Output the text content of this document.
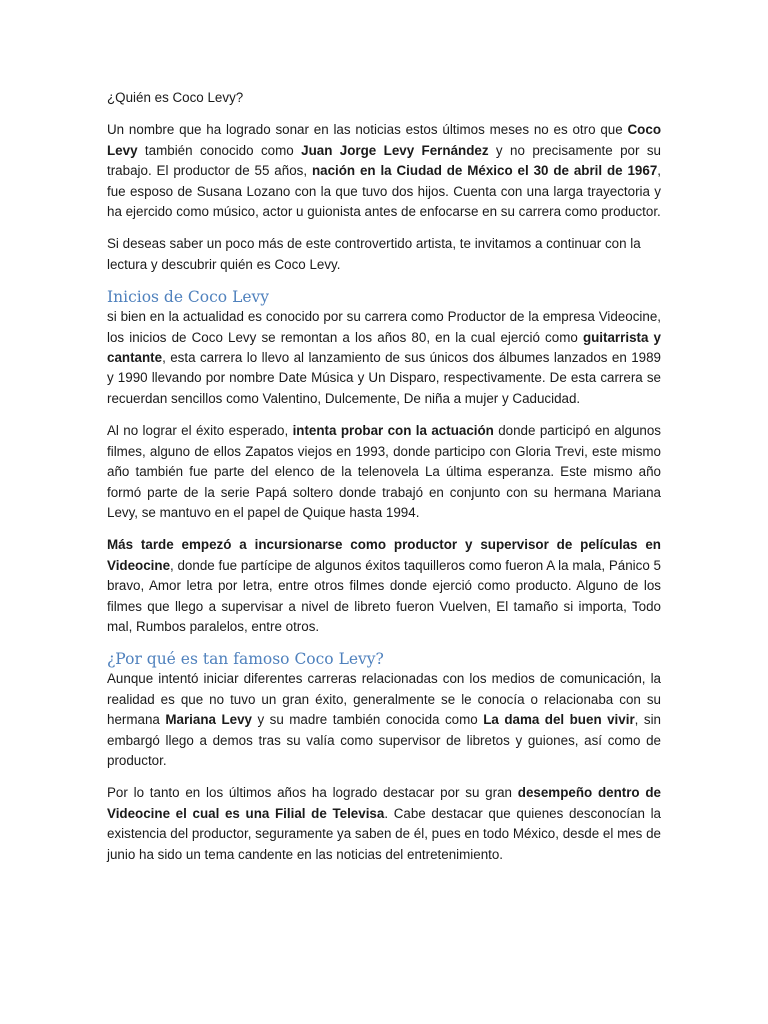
¿Quién es Coco Levy?

Un nombre que ha logrado sonar en las noticias estos últimos meses no es otro que Coco Levy también conocido como Juan Jorge Levy Fernández y no precisamente por su trabajo. El productor de 55 años, nación en la Ciudad de México el 30 de abril de 1967, fue esposo de Susana Lozano con la que tuvo dos hijos. Cuenta con una larga trayectoria y ha ejercido como músico, actor u guionista antes de enfocarse en su carrera como productor.

Si deseas saber un poco más de este controvertido artista, te invitamos a continuar con la lectura y descubrir quién es Coco Levy.

Inicios de Coco Levy

si bien en la actualidad es conocido por su carrera como Productor de la empresa Videocine, los inicios de Coco Levy se remontan a los años 80, en la cual ejerció como guitarrista y cantante, esta carrera lo llevo al lanzamiento de sus únicos dos álbumes lanzados en 1989 y 1990 llevando por nombre Date Música y Un Disparo, respectivamente. De esta carrera se recuerdan sencillos como Valentino, Dulcemente, De niña a mujer y Caducidad.

Al no lograr el éxito esperado, intenta probar con la actuación donde participó en algunos filmes, alguno de ellos Zapatos viejos en 1993, donde participo con Gloria Trevi, este mismo año también fue parte del elenco de la telenovela La última esperanza. Este mismo año formó parte de la serie Papá soltero donde trabajó en conjunto con su hermana Mariana Levy, se mantuvo en el papel de Quique hasta 1994.

Más tarde empezó a incursionarse como productor y supervisor de películas en Videocine, donde fue partícipe de algunos éxitos taquilleros como fueron A la mala, Pánico 5 bravo, Amor letra por letra, entre otros filmes donde ejerció como producto. Alguno de los filmes que llego a supervisar a nivel de libreto fueron Vuelven, El tamaño si importa, Todo mal, Rumbos paralelos, entre otros.

¿Por qué es tan famoso Coco Levy?

Aunque intentó iniciar diferentes carreras relacionadas con los medios de comunicación, la realidad es que no tuvo un gran éxito, generalmente se le conocía o relacionaba con su hermana Mariana Levy y su madre también conocida como La dama del buen vivir, sin embargó llego a demos tras su valía como supervisor de libretos y guiones, así como de productor.

Por lo tanto en los últimos años ha logrado destacar por su gran desempeño dentro de Videocine el cual es una Filial de Televisa. Cabe destacar que quienes desconocían la existencia del productor, seguramente ya saben de él, pues en todo México, desde el mes de junio ha sido un tema candente en las noticias del entretenimiento.
